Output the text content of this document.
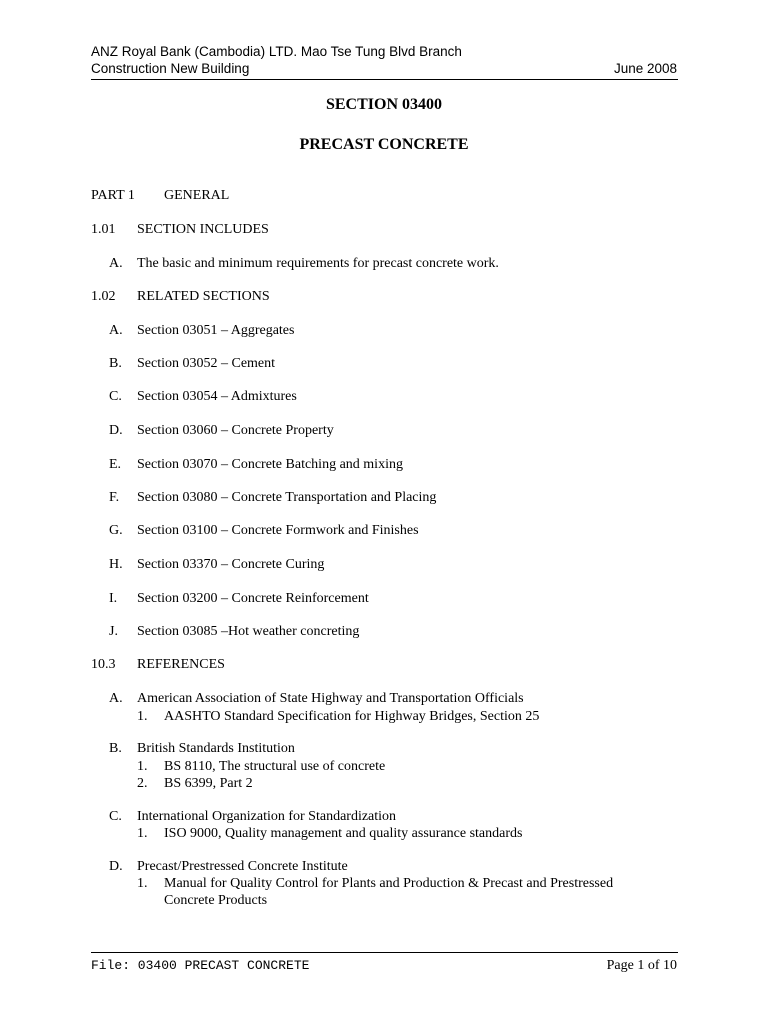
ANZ Royal Bank (Cambodia) LTD. Mao Tse Tung Blvd Branch
Construction New Building	June 2008
SECTION 03400
PRECAST CONCRETE
PART 1 GENERAL
1.01 SECTION INCLUDES
A. The basic and minimum requirements for precast concrete work.
1.02 RELATED SECTIONS
A. Section 03051 – Aggregates
B. Section 03052 – Cement
C. Section 03054 – Admixtures
D. Section 03060 – Concrete Property
E. Section 03070 – Concrete Batching and mixing
F. Section 03080 – Concrete Transportation and Placing
G. Section 03100 – Concrete Formwork and Finishes
H. Section 03370 – Concrete Curing
I. Section 03200 – Concrete Reinforcement
J. Section 03085 –Hot weather concreting
10.3 REFERENCES
A. American Association of State Highway and Transportation Officials
1. AASHTO Standard Specification for Highway Bridges, Section 25
B. British Standards Institution
1. BS 8110, The structural use of concrete
2. BS 6399, Part 2
C. International Organization for Standardization
1. ISO 9000, Quality management and quality assurance standards
D. Precast/Prestressed Concrete Institute
1. Manual for Quality Control for Plants and Production & Precast and Prestressed
Concrete Products
File: 03400 PRECAST CONCRETE	Page 1 of 10
